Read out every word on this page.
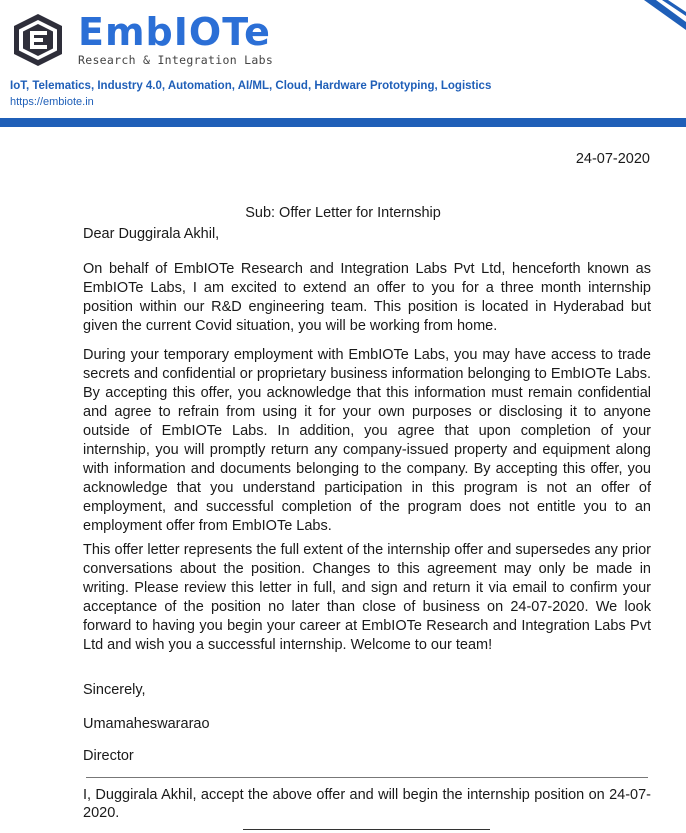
EmbIOTe
Research & Integration Labs
IoT, Telematics, Industry 4.0, Automation, AI/ML, Cloud, Hardware Prototyping, Logistics
https://embiote.in
24-07-2020
Sub: Offer Letter for Internship
Dear Duggirala Akhil,

On behalf of EmbIOTe Research and Integration Labs Pvt Ltd, henceforth known as EmbIOTe Labs, I am excited to extend an offer to you for a three month internship position within our R&D engineering team. This position is located in Hyderabad but given the current Covid situation, you will be working from home.

During your temporary employment with EmbIOTe Labs, you may have access to trade secrets and confidential or proprietary business information belonging to EmbIOTe Labs. By accepting this offer, you acknowledge that this information must remain confidential and agree to refrain from using it for your own purposes or disclosing it to anyone outside of EmbIOTe Labs. In addition, you agree that upon completion of your internship, you will promptly return any company-issued property and equipment along with information and documents belonging to the company. By accepting this offer, you acknowledge that you understand participation in this program is not an offer of employment, and successful completion of the program does not entitle you to an employment offer from EmbIOTe Labs.

This offer letter represents the full extent of the internship offer and supersedes any prior conversations about the position. Changes to this agreement may only be made in writing. Please review this letter in full, and sign and return it via email to confirm your acceptance of the position no later than close of business on 24-07-2020. We look forward to having you begin your career at EmbIOTe Research and Integration Labs Pvt Ltd and wish you a successful internship. Welcome to our team!

Sincerely,
Umamaheswararao
Director

I, Duggirala Akhil, accept the above offer and will begin the internship position on 24-07-2020.
